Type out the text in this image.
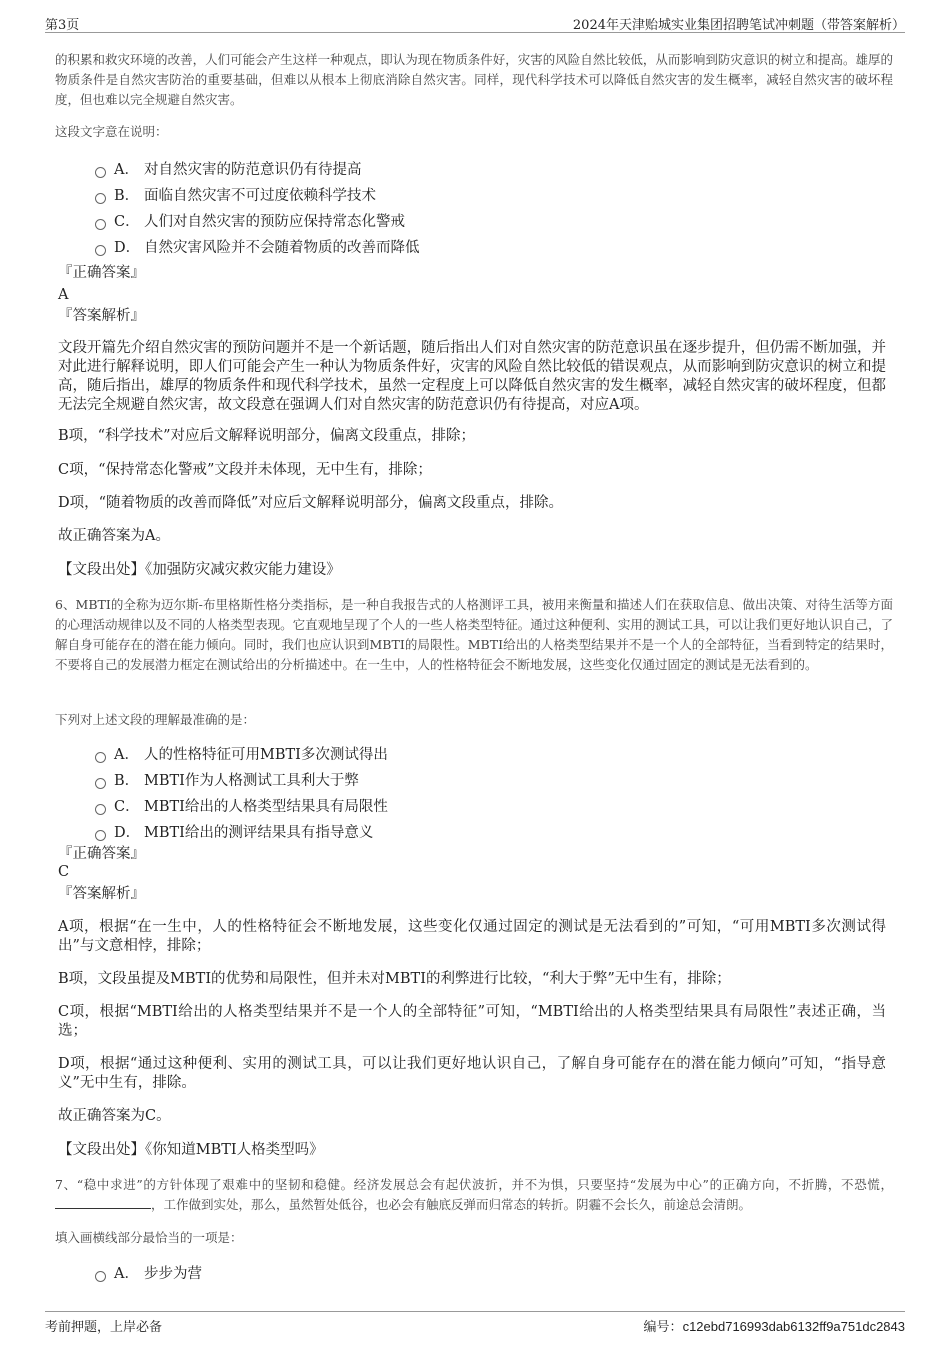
第3页	2024年天津贻城实业集团招聘笔试冲刺题（带答案解析）
的积累和救灾环境的改善，人们可能会产生这样一种观点，即认为现在物质条件好，灾害的风险自然比较低，从而影响到防灾意识的树立和提高。雄厚的物质条件是自然灾害防治的重要基础，但难以从根本上彻底消除自然灾害。同样，现代科学技术可以降低自然灾害的发生概率，减轻自然灾害的破坏程度，但也难以完全规避自然灾害。
这段文字意在说明：
A． 对自然灾害的防范意识仍有待提高
B． 面临自然灾害不可过度依赖科学技术
C． 人们对自然灾害的预防应保持常态化警戒
D． 自然灾害风险并不会随着物质的改善而降低
『正确答案』
A
『答案解析』
文段开篇先介绍自然灾害的预防问题并不是一个新话题，随后指出人们对自然灾害的防范意识虽在逐步提升，但仍需不断加强，并对此进行解释说明，即人们可能会产生一种认为物质条件好，灾害的风险自然比较低的错误观点，从而影响到防灾意识的树立和提高，随后指出，雄厚的物质条件和现代科学技术，虽然一定程度上可以降低自然灾害的发生概率，减轻自然灾害的破坏程度，但都无法完全规避自然灾害，故文段意在强调人们对自然灾害的防范意识仍有待提高，对应A项。
B项，“科学技术”对应后文解释说明部分，偏离文段重点，排除；
C项，“保持常态化警戒”文段并未体现，无中生有，排除；
D项，“随着物质的改善而降低”对应后文解释说明部分，偏离文段重点，排除。
故正确答案为A。
【文段出处】《加强防灾减灾救灾能力建设》
6、MBTI的全称为迈尔斯-布里格斯性格分类指标，是一种自我报告式的人格测评工具，被用来衡量和描述人们在获取信息、做出决策、对待生活等方面的心理活动规律以及不同的人格类型表现。它直观地呈现了个人的一些人格类型特征。通过这种便利、实用的测试工具，可以让我们更好地认识自己，了解自身可能存在的潜在能力倾向。同时，我们也应认识到MBTI的局限性。MBTI给出的人格类型结果并不是一个人的全部特征，当看到特定的结果时，不要将自己的发展潜力框定在测试给出的分析描述中。在一生中，人的性格特征会不断地发展，这些变化仅通过固定的测试是无法看到的。
下列对上述文段的理解最准确的是：
A． 人的性格特征可用MBTI多次测试得出
B． MBTI作为人格测试工具利大于弊
C． MBTI给出的人格类型结果具有局限性
D． MBTI给出的测评结果具有指导意义
『正确答案』
C
『答案解析』
A项，根据“在一生中，人的性格特征会不断地发展，这些变化仅通过固定的测试是无法看到的”可知，“可用MBTI多次测试得出”与文意相悖，排除；
B项，文段虽提及MBTI的优势和局限性，但并未对MBTI的利弊进行比较，“利大于弊”无中生有，排除；
C项，根据“MBTI给出的人格类型结果并不是一个人的全部特征”可知，“MBTI给出的人格类型结果具有局限性”表述正确，当选；
D项，根据“通过这种便利、实用的测试工具，可以让我们更好地认识自己，了解自身可能存在的潜在能力倾向”可知，“指导意义”无中生有，排除。
故正确答案为C。
【文段出处】《你知道MBTI人格类型吗》
7、“稳中求进”的方针体现了艰难中的坚韧和稳健。经济发展总会有起伏波折，并不为惧，只要坚持“发展为中心”的正确方向，不折腾，不恐慌，，工作做到实处，那么，虽然暂处低谷，也必会有触底反弹而归常态的转折。阴霾不会长久，前途总会清朗。
填入画横线部分最恰当的一项是：
A． 步步为营
考前押题，上岸必备	编号：c12ebd716993dab6132ff9a751dc2843
